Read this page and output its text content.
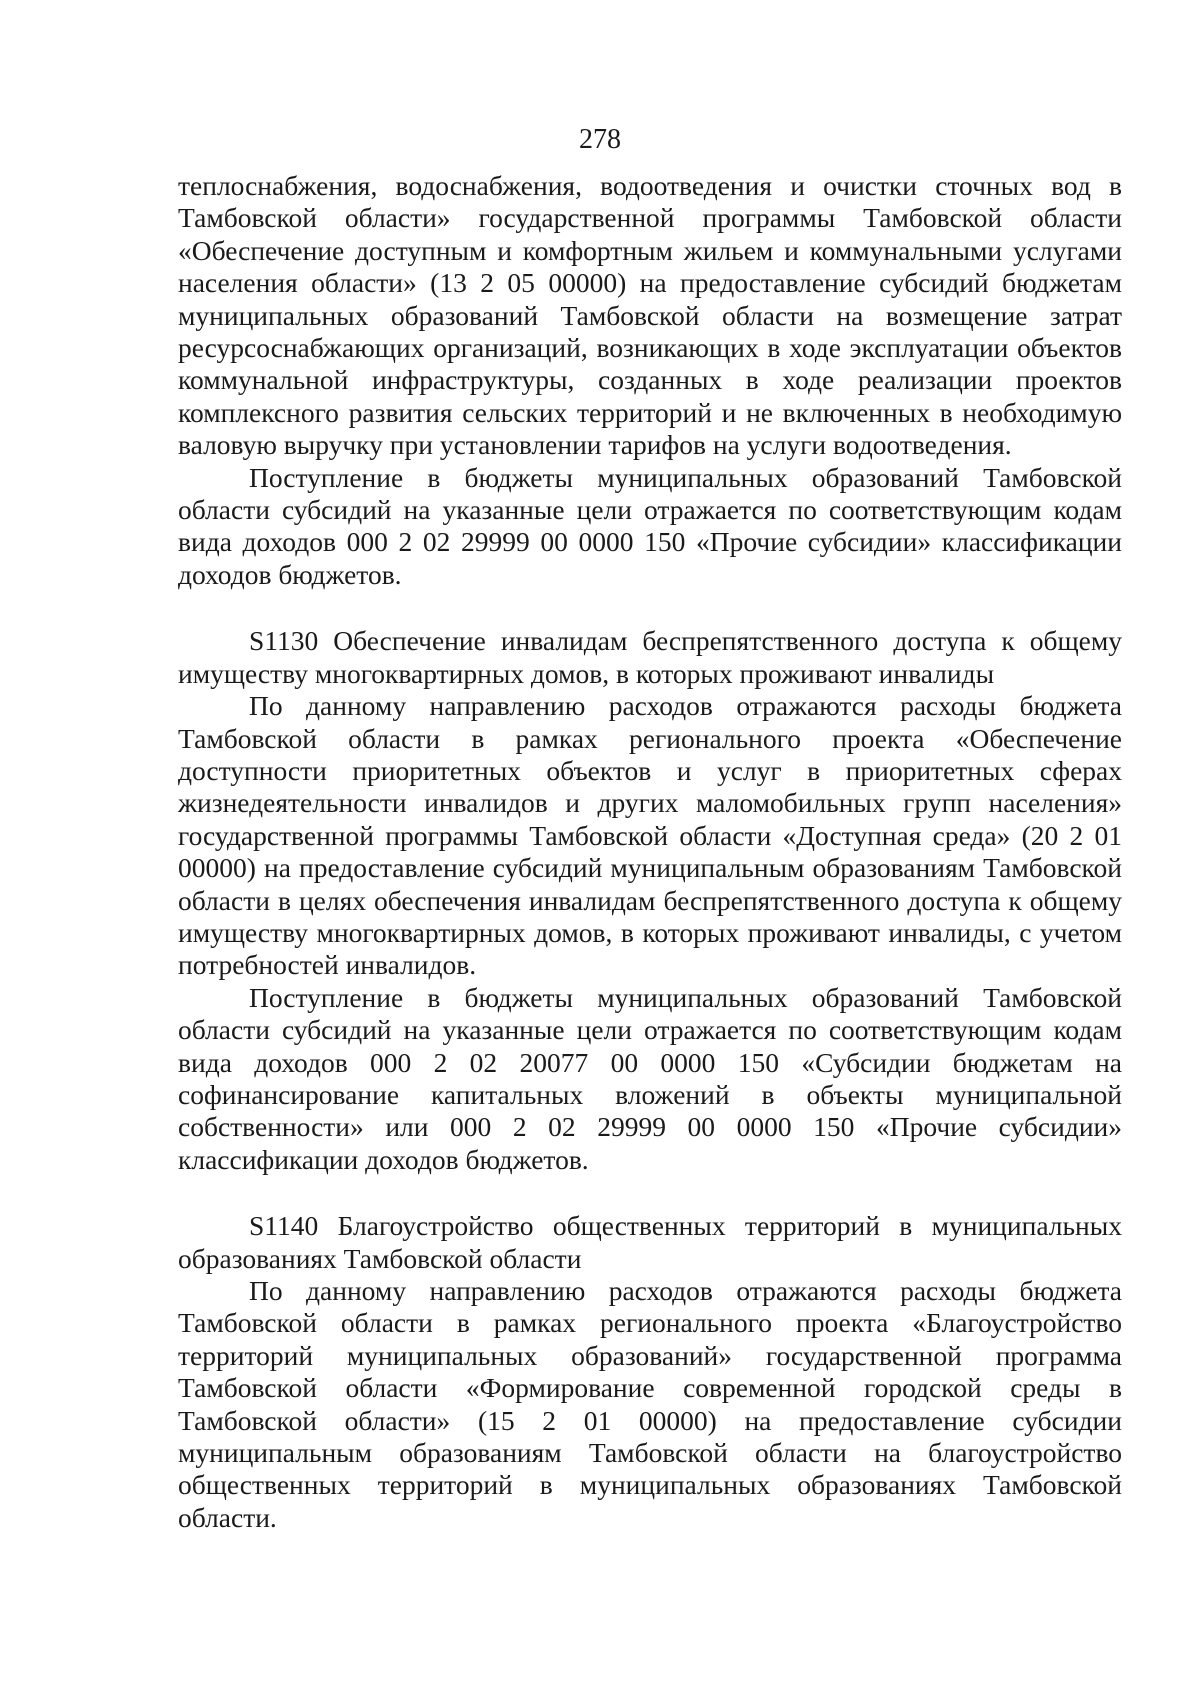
278

теплоснабжения, водоснабжения, водоотведения и очистки сточных вод в Тамбовской области» государственной программы Тамбовской области «Обеспечение доступным и комфортным жильем и коммунальными услугами населения области» (13 2 05 00000) на предоставление субсидий бюджетам муниципальных образований Тамбовской области на возмещение затрат ресурсоснабжающих организаций, возникающих в ходе эксплуатации объектов коммунальной инфраструктуры, созданных в ходе реализации проектов комплексного развития сельских территорий и не включенных в необходимую валовую выручку при установлении тарифов на услуги водоотведения.

Поступление в бюджеты муниципальных образований Тамбовской области субсидий на указанные цели отражается по соответствующим кодам вида доходов 000 2 02 29999 00 0000 150 «Прочие субсидии» классификации доходов бюджетов.

S1130 Обеспечение инвалидам беспрепятственного доступа к общему имуществу многоквартирных домов, в которых проживают инвалиды

По данному направлению расходов отражаются расходы бюджета Тамбовской области в рамках регионального проекта «Обеспечение доступности приоритетных объектов и услуг в приоритетных сферах жизнедеятельности инвалидов и других маломобильных групп населения» государственной программы Тамбовской области «Доступная среда» (20 2 01 00000) на предоставление субсидий муниципальным образованиям Тамбовской области в целях обеспечения инвалидам беспрепятственного доступа к общему имуществу многоквартирных домов, в которых проживают инвалиды, с учетом потребностей инвалидов.

Поступление в бюджеты муниципальных образований Тамбовской области субсидий на указанные цели отражается по соответствующим кодам вида доходов 000 2 02 20077 00 0000 150 «Субсидии бюджетам на софинансирование капитальных вложений в объекты муниципальной собственности» или 000 2 02 29999 00 0000 150 «Прочие субсидии» классификации доходов бюджетов.

S1140 Благоустройство общественных территорий в муниципальных образованиях Тамбовской области

По данному направлению расходов отражаются расходы бюджета Тамбовской области в рамках регионального проекта «Благоустройство территорий муниципальных образований» государственной программа Тамбовской области «Формирование современной городской среды в Тамбовской области» (15 2 01 00000) на предоставление субсидии муниципальным образованиям Тамбовской области на благоустройство общественных территорий в муниципальных образованиях Тамбовской области.
